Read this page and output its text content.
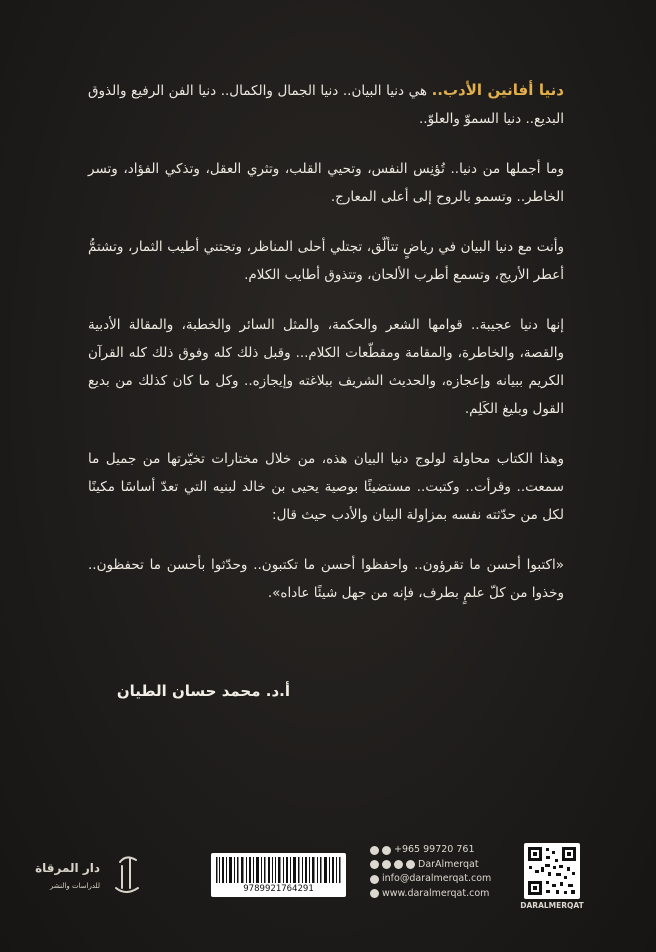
دنيا أفانين الأدب.. هي دنيا البيان.. دنيا الجمال والكمال.. دنيا الفن الرفيع والذوق البديع.. دنيا السموّ والعلوّ..

وما أجملها من دنيا.. تُؤنِس النفس، وتحيي القلب، وتثري العقل، وتذكي الفؤاد، وتسر الخاطر.. وتسمو بالروح إلى أعلى المعارج.

وأنت مع دنيا البيان في رياضٍ تتألّق، تجتلي أحلى المناظر، وتجتني أطيب الثمار، وتشتمُّ أعطر الأريج، وتسمع أطرب الألحان، وتتذوق أطايب الكلام.

إنها دنيا عجيبة.. قوامها الشعر والحكمة، والمثل السائر والخطبة، والمقالة الأدبية والقصة، والخاطرة، والمقامة ومقطّعات الكلام... وقبل ذلك كله وفوق ذلك كله القرآن الكريم ببيانه وإعجازه، والحديث الشريف ببلاغته وإيجازه.. وكل ما كان كذلك من بديع القول وبليغ الكَلِم.

وهذا الكتاب محاولة لولوج دنيا البيان هذه، من خلال مختارات تخيّرتها من جميل ما سمعت.. وقرأت.. وكتبت.. مستضيئًا بوصية يحيى بن خالد لبنيه التي تعدّ أساسًا مكينًا لكل من حدّثته نفسه بمزاولة البيان والأدب حيث قال:

«اكتبوا أحسن ما تقرؤون.. واحفظوا أحسن ما تكتبون.. وحدّثوا بأحسن ما تحفظون.. وخذوا من كلّ علمٍ بطرف، فإنه من جهل شيئًا عاداه».

أ.د. محمد حسان الطيان
دار المرقاة
للدراسات والنشر	9789921764291
+965 99720 761
DarAlmerqat
info@daralmerqat.com
www.daralmerqat.com
DARALMERQAT
